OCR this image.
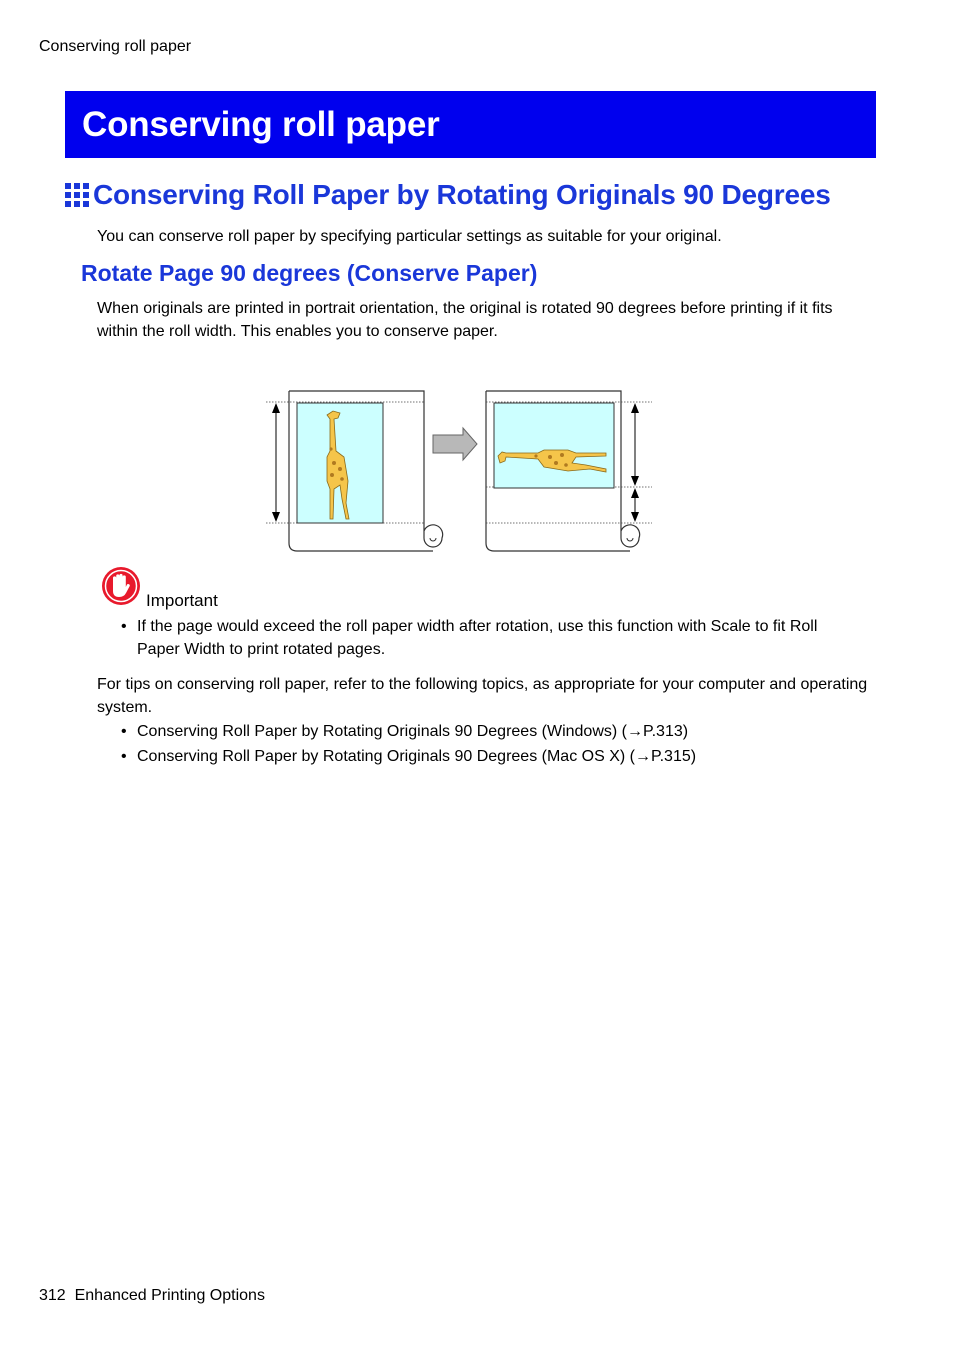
Conserving roll paper
Conserving roll paper
Conserving Roll Paper by Rotating Originals 90 Degrees
You can conserve roll paper by specifying particular settings as suitable for your original.
Rotate Page 90 degrees (Conserve Paper)
When originals are printed in portrait orientation, the original is rotated 90 degrees before printing if it fits within the roll width. This enables you to conserve paper.
Important
• If the page would exceed the roll paper width after rotation, use this function with Scale to fit Roll Paper Width to print rotated pages.
For tips on conserving roll paper, refer to the following topics, as appropriate for your computer and operating system.
• Conserving Roll Paper by Rotating Originals 90 Degrees (Windows) (→P.313)
• Conserving Roll Paper by Rotating Originals 90 Degrees (Mac OS X) (→P.315)
312 Enhanced Printing Options
